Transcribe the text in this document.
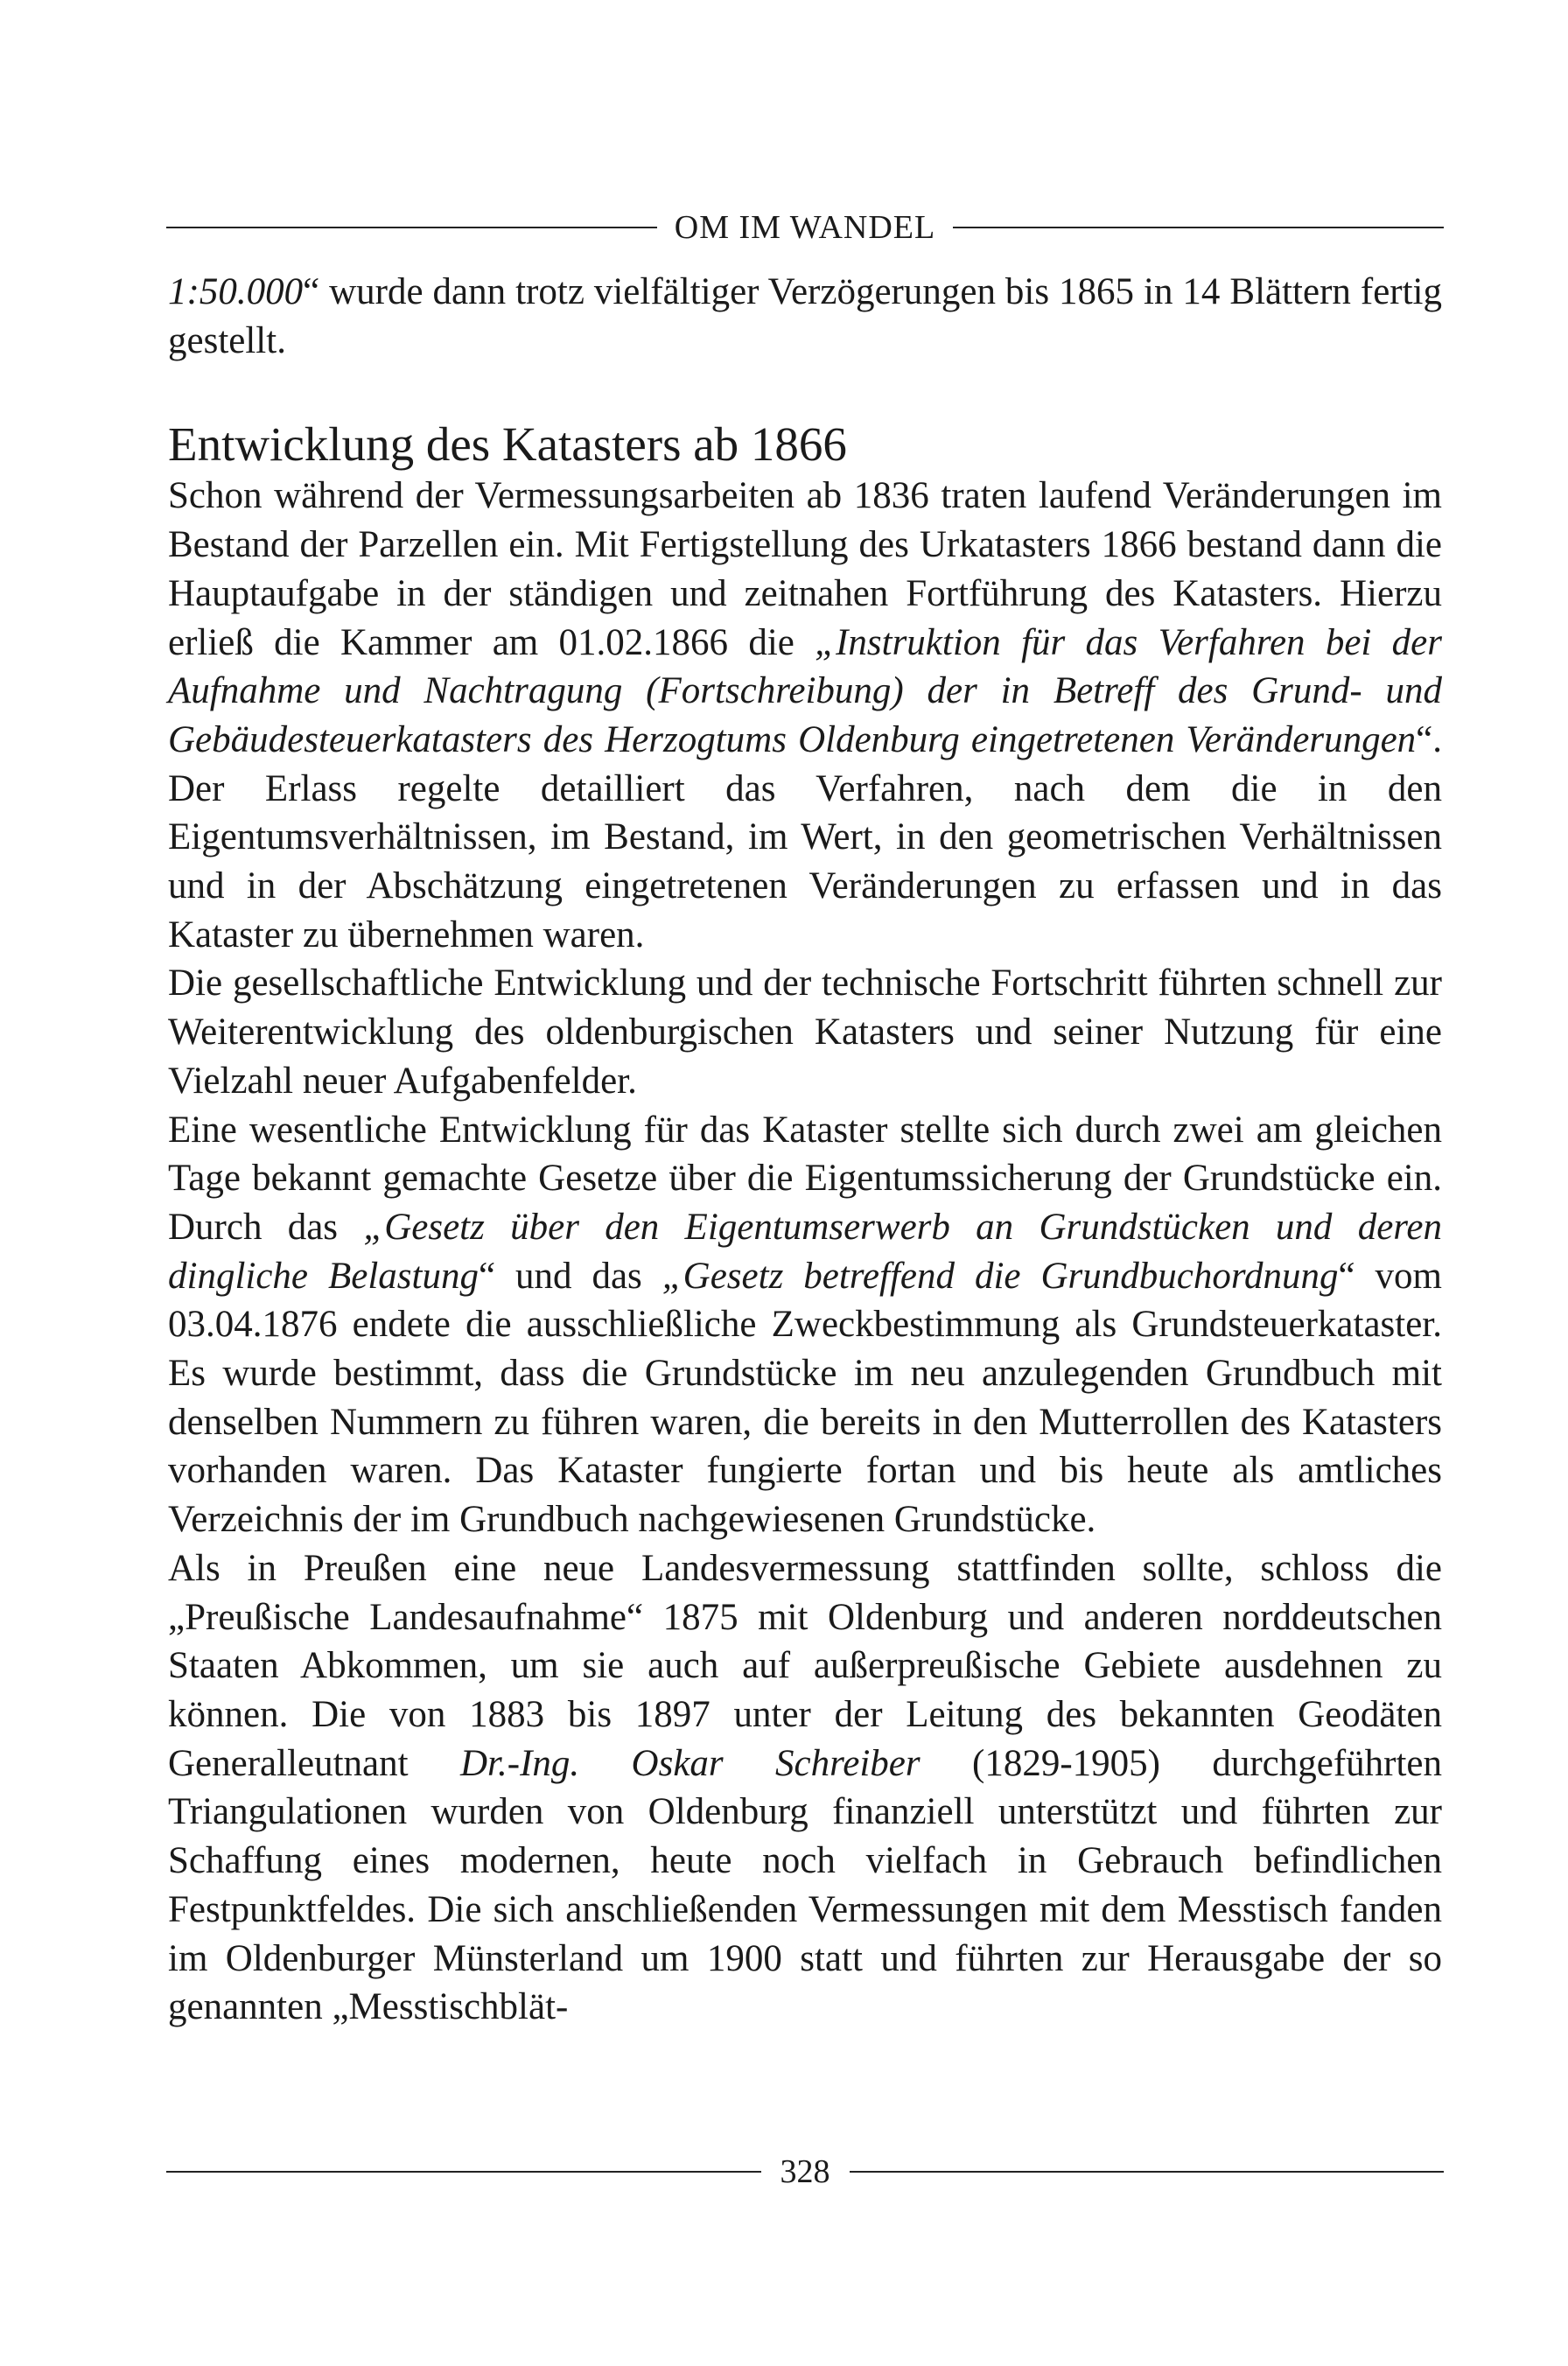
OM IM WANDEL

1:50.000“ wurde dann trotz vielfältiger Verzögerungen bis 1865 in 14 Blättern fertig gestellt.

Entwicklung des Katasters ab 1866

Schon während der Vermessungsarbeiten ab 1836 traten laufend Veränderungen im Bestand der Parzellen ein. Mit Fertigstellung des Urkatasters 1866 bestand dann die Hauptaufgabe in der ständigen und zeitnahen Fortführung des Katasters. Hierzu erließ die Kammer am 01.02.1866 die „Instruktion für das Verfahren bei der Aufnahme und Nachtragung (Fortschreibung) der in Betreff des Grund- und Gebäudesteuerkatasters des Herzogtums Oldenburg eingetretenen Veränderungen“. Der Erlass regelte detailliert das Verfahren, nach dem die in den Eigentumsverhältnissen, im Bestand, im Wert, in den geometrischen Verhältnissen und in der Abschätzung eingetretenen Veränderungen zu erfassen und in das Kataster zu übernehmen waren.

Die gesellschaftliche Entwicklung und der technische Fortschritt führten schnell zur Weiterentwicklung des oldenburgischen Katasters und seiner Nutzung für eine Vielzahl neuer Aufgabenfelder.

Eine wesentliche Entwicklung für das Kataster stellte sich durch zwei am gleichen Tage bekannt gemachte Gesetze über die Eigentumssicherung der Grundstücke ein. Durch das „Gesetz über den Eigentumserwerb an Grundstücken und deren dingliche Belastung“ und das „Gesetz betreffend die Grundbuchordnung“ vom 03.04.1876 endete die ausschließliche Zweckbestimmung als Grundsteuerkataster. Es wurde bestimmt, dass die Grundstücke im neu anzulegenden Grundbuch mit denselben Nummern zu führen waren, die bereits in den Mutterrollen des Katasters vorhanden waren. Das Kataster fungierte fortan und bis heute als amtliches Verzeichnis der im Grundbuch nachgewiesenen Grundstücke.

Als in Preußen eine neue Landesvermessung stattfinden sollte, schloss die „Preußische Landesaufnahme“ 1875 mit Oldenburg und anderen norddeutschen Staaten Abkommen, um sie auch auf außerpreußische Gebiete ausdehnen zu können. Die von 1883 bis 1897 unter der Leitung des bekannten Geodäten Generalleutnant Dr.-Ing. Oskar Schreiber (1829-1905) durchgeführten Triangulationen wurden von Oldenburg finanziell unterstützt und führten zur Schaffung eines modernen, heute noch vielfach in Gebrauch befindlichen Festpunktfeldes. Die sich anschließenden Vermessungen mit dem Messtisch fanden im Oldenburger Münsterland um 1900 statt und führten zur Herausgabe der so genannten „Messtischblät-

328
